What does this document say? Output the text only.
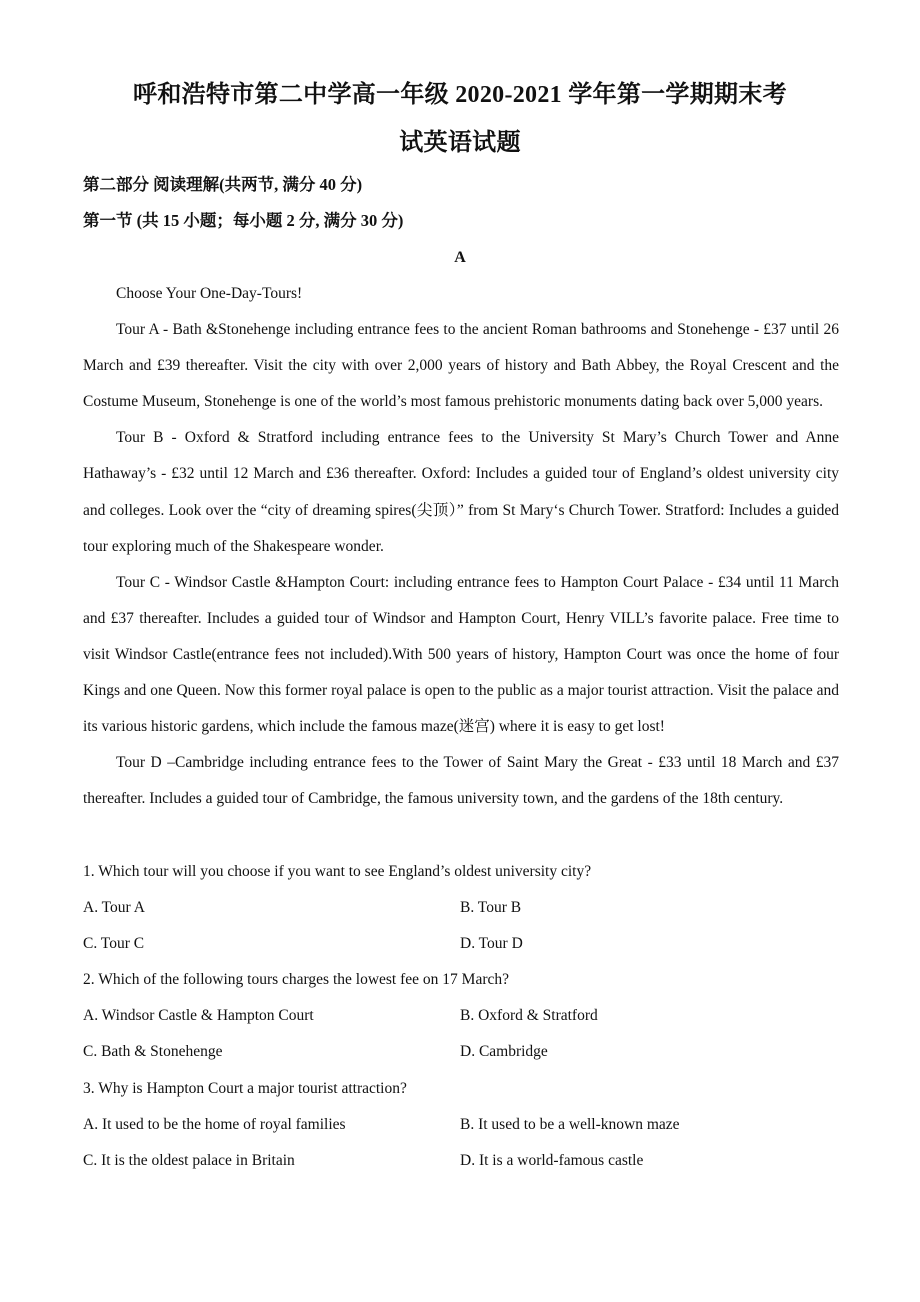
呼和浩特市第二中学高一年级 2020-2021 学年第一学期期末考
试英语试题
第二部分 阅读理解(共两节, 满分 40 分)
第一节 (共 15 小题；每小题 2 分, 满分 30 分)
A

Choose Your One-Day-Tours!

Tour A - Bath &Stonehenge including entrance fees to the ancient Roman bathrooms and Stonehenge - £37 until 26 March and £39 thereafter. Visit the city with over 2,000 years of history and Bath Abbey, the Royal Crescent and the Costume Museum, Stonehenge is one of the world’s most famous prehistoric monuments dating back over 5,000 years.

Tour B - Oxford & Stratford including entrance fees to the University St Mary’s Church Tower and Anne Hathaway’s - £32 until 12 March and £36 thereafter. Oxford: Includes a guided tour of England’s oldest university city and colleges. Look over the “city of dreaming spires(尖顶）” from St Mary‘s Church Tower. Stratford: Includes a guided tour exploring much of the Shakespeare wonder.

Tour C - Windsor Castle &Hampton Court: including entrance fees to Hampton Court Palace - £34 until 11 March and £37 thereafter. Includes a guided tour of Windsor and Hampton Court, Henry VILL’s favorite palace. Free time to visit Windsor Castle(entrance fees not included).With 500 years of history, Hampton Court was once the home of four Kings and one Queen. Now this former royal palace is open to the public as a major tourist attraction. Visit the palace and its various historic gardens, which include the famous maze(迷宫) where it is easy to get lost!

Tour D –Cambridge including entrance fees to the Tower of Saint Mary the Great - £33 until 18 March and £37 thereafter. Includes a guided tour of Cambridge, the famous university town, and the gardens of the 18th century.

1. Which tour will you choose if you want to see England’s oldest university city?

A. Tour A	B. Tour B
C. Tour C	D. Tour D

2. Which of the following tours charges the lowest fee on 17 March?

A. Windsor Castle & Hampton Court	B. Oxford & Stratford
C. Bath & Stonehenge	D. Cambridge

3. Why is Hampton Court a major tourist attraction?

A. It used to be the home of royal families	B. It used to be a well-known maze
C. It is the oldest palace in Britain	D. It is a world-famous castle
